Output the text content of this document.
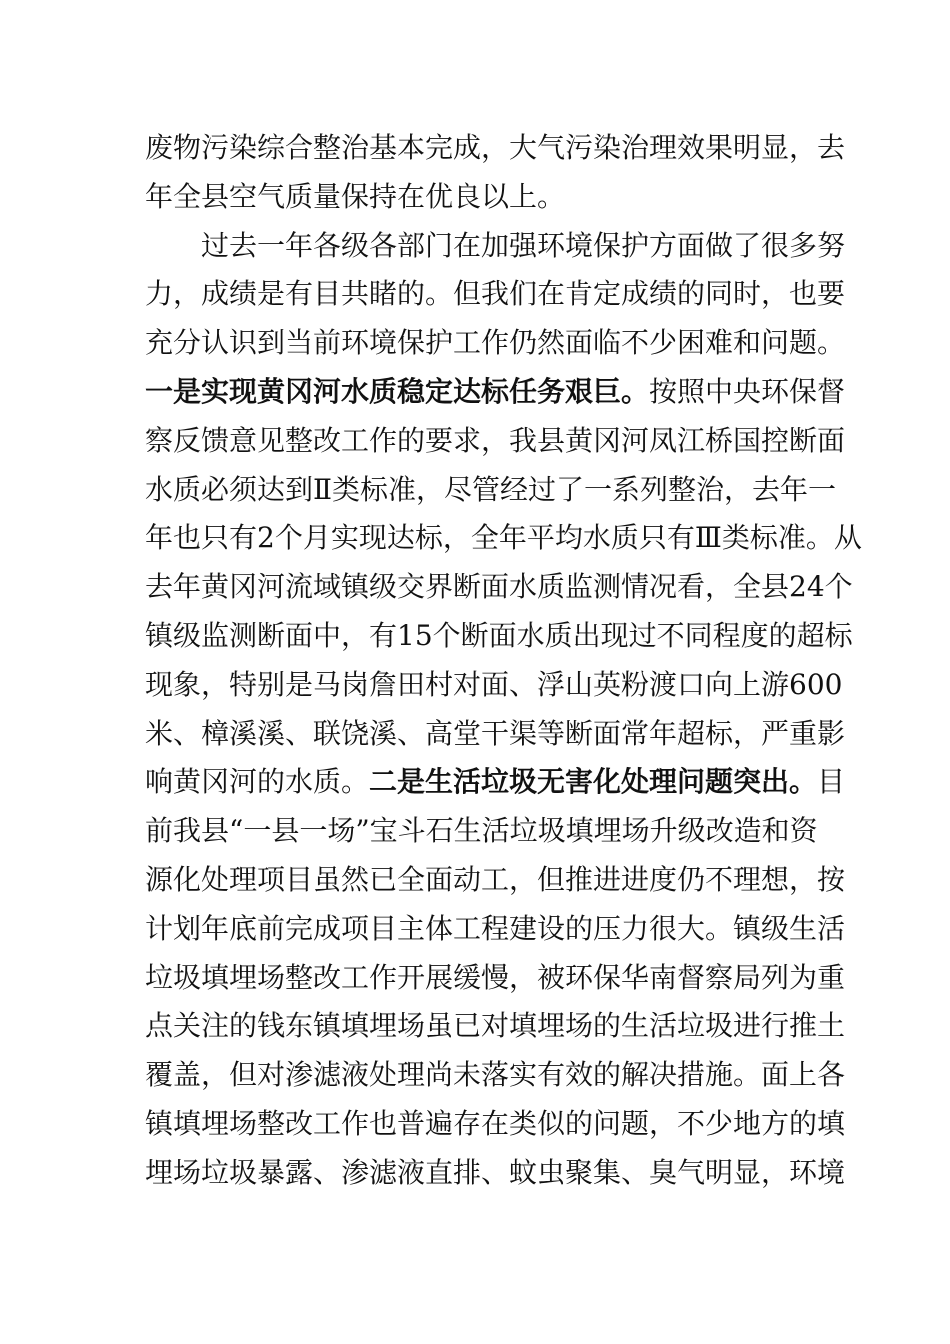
废物污染综合整治基本完成，大气污染治理效果明显，去
年全县空气质量保持在优良以上。
过去一年各级各部门在加强环境保护方面做了很多努
力，成绩是有目共睹的。但我们在肯定成绩的同时，也要
充分认识到当前环境保护工作仍然面临不少困难和问题。
一是实现黄冈河水质稳定达标任务艰巨。按照中央环保督
察反馈意见整改工作的要求，我县黄冈河凤江桥国控断面
水质必须达到Ⅱ类标准，尽管经过了一系列整治，去年一
年也只有2个月实现达标，全年平均水质只有Ⅲ类标准。从
去年黄冈河流域镇级交界断面水质监测情况看，全县24个
镇级监测断面中，有15个断面水质出现过不同程度的超标
现象，特别是马岗詹田村对面、浮山英粉渡口向上游600
米、樟溪溪、联饶溪、高堂干渠等断面常年超标，严重影
响黄冈河的水质。二是生活垃圾无害化处理问题突出。目
前我县“一县一场”宝斗石生活垃圾填埋场升级改造和资
源化处理项目虽然已全面动工，但推进进度仍不理想，按
计划年底前完成项目主体工程建设的压力很大。镇级生活
垃圾填埋场整改工作开展缓慢，被环保华南督察局列为重
点关注的钱东镇填埋场虽已对填埋场的生活垃圾进行推土
覆盖，但对渗滤液处理尚未落实有效的解决措施。面上各
镇填埋场整改工作也普遍存在类似的问题，不少地方的填
埋场垃圾暴露、渗滤液直排、蚊虫聚集、臭气明显，环境
